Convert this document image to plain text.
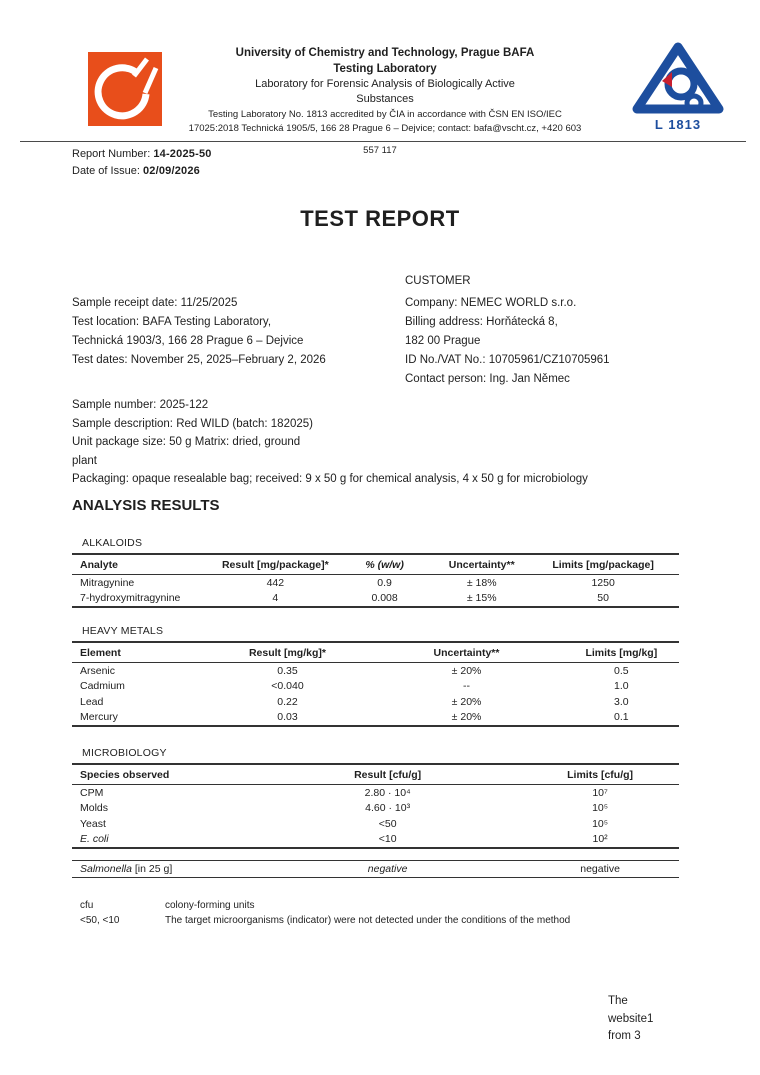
University of Chemistry and Technology, Prague BAFA
Testing Laboratory
Laboratory for Forensic Analysis of Biologically Active
Substances
Testing Laboratory No. 1813 accredited by ČIA in accordance with ČSN EN ISO/IEC
17025:2018 Technická 1905/5, 166 28 Prague 6 – Dejvice; contact: bafa@vscht.cz, +420 603	L 1813
557 117
Report Number: 14-2025-50
Date of Issue: 02/09/2026
TEST REPORT
Sample receipt date: 11/25/2025
Test location: BAFA Testing Laboratory,
Technická 1903/3, 166 28 Prague 6 – Dejvice
Test dates: November 25, 2025–February 2, 2026
CUSTOMER
Company: NEMEC WORLD s.r.o.
Billing address: Horňátecká 8,
182 00 Prague
ID No./VAT No.: 10705961/CZ10705961
Contact person: Ing. Jan Němec
Sample number: 2025-122
Sample description: Red WILD (batch: 182025)
Unit package size: 50 g Matrix: dried, ground
plant
Packaging: opaque resealable bag; received: 9 x 50 g for chemical analysis, 4 x 50 g for microbiology
ANALYSIS RESULTS
ALKALOIDS
Analyte	Result [mg/package]*	% (w/w)	Uncertainty**	Limits [mg/package]
Mitragynine	442	0.9	± 18%	1250
7-hydroxymitragynine	4	0.008	± 15%	50
HEAVY METALS
Element	Result [mg/kg]*	Uncertainty**	Limits [mg/kg]
Arsenic	0.35	± 20%	0.5
Cadmium	<0.040	--	1.0
Lead	0.22	± 20%	3.0
Mercury	0.03	± 20%	0.1
MICROBIOLOGY
Species observed	Result [cfu/g]	Limits [cfu/g]
CPM	2.80 · 10⁴	10⁷
Molds	4.60 · 10³	10⁵
Yeast	<50	10⁵
E. coli	<10	10²
Salmonella [in 25 g]	negative	negative
cfu	colony-forming units
<50, <10	The target microorganisms (indicator) were not detected under the conditions of the method
The
website1
from 3
